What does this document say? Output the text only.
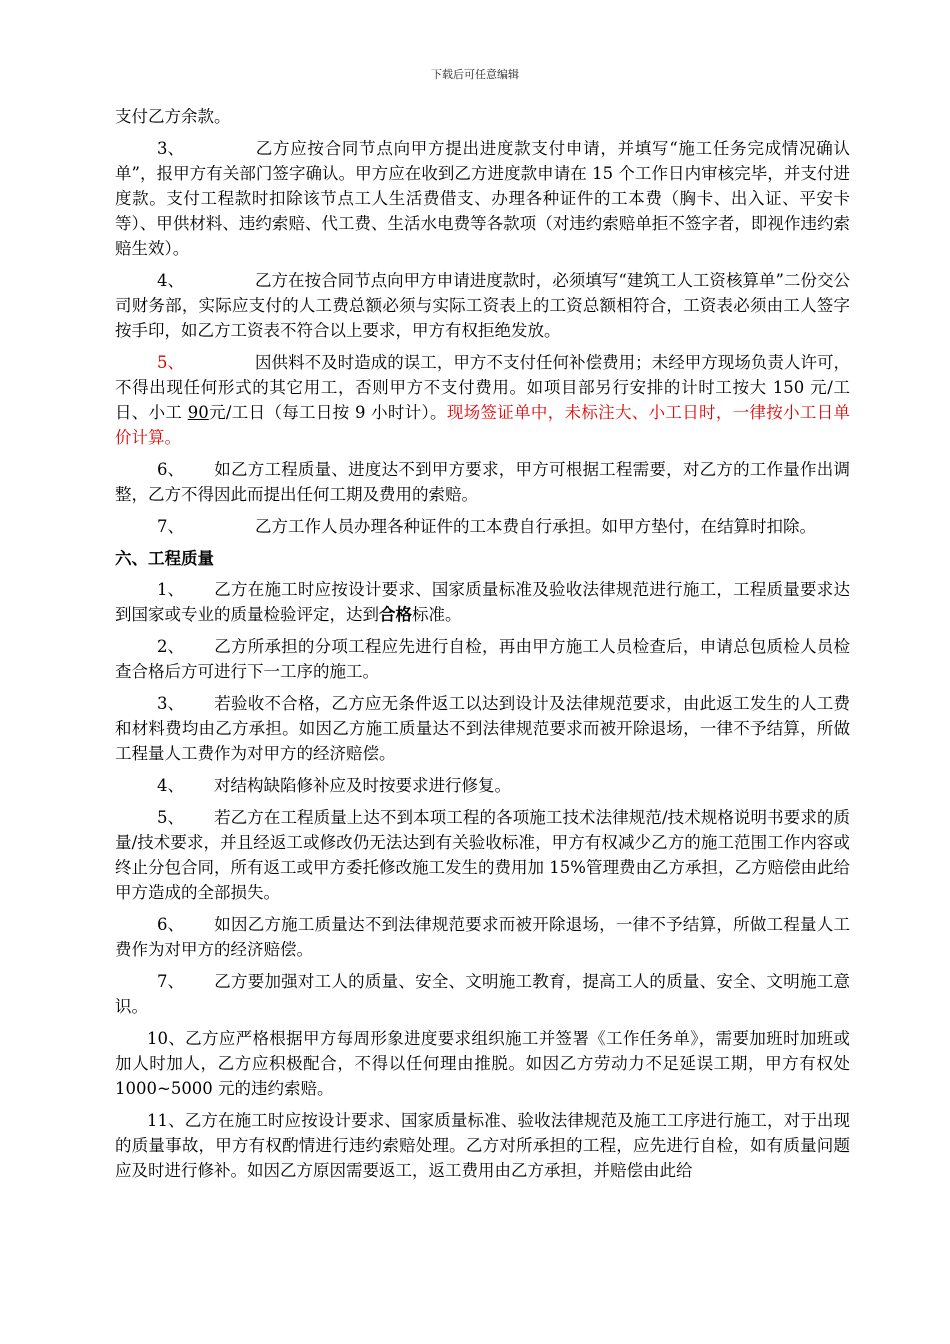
下载后可任意编辑

支付乙方余款。

3、	乙方应按合同节点向甲方提出进度款支付申请，并填写“施工任务完成情况确认单”，报甲方有关部门签字确认。甲方应在收到乙方进度款申请在 15 个工作日内审核完毕，并支付进度款。支付工程款时扣除该节点工人生活费借支、办理各种证件的工本费（胸卡、出入证、平安卡等）、甲供材料、违约索赔、代工费、生活水电费等各款项（对违约索赔单拒不签字者，即视作违约索赔生效）。

4、	乙方在按合同节点向甲方申请进度款时，必须填写“建筑工人工资核算单”二份交公司财务部，实际应支付的人工费总额必须与实际工资表上的工资总额相符合，工资表必须由工人签字按手印，如乙方工资表不符合以上要求，甲方有权拒绝发放。

5、	因供料不及时造成的误工，甲方不支付任何补偿费用；未经甲方现场负责人许可，不得出现任何形式的其它用工，否则甲方不支付费用。如项目部另行安排的计时工按大 150 元/工日、小工 90元/工日（每工日按 9 小时计）。现场签证单中，未标注大、小工日时，一律按小工日单价计算。

6、 如乙方工程质量、进度达不到甲方要求，甲方可根据工程需要，对乙方的工作量作出调整，乙方不得因此而提出任何工期及费用的索赔。

7、	乙方工作人员办理各种证件的工本费自行承担。如甲方垫付，在结算时扣除。

六、工程质量

1、 乙方在施工时应按设计要求、国家质量标准及验收法律规范进行施工，工程质量要求达到国家或专业的质量检验评定，达到合格标准。

2、 乙方所承担的分项工程应先进行自检，再由甲方施工人员检查后，申请总包质检人员检查合格后方可进行下一工序的施工。

3、 若验收不合格，乙方应无条件返工以达到设计及法律规范要求，由此返工发生的人工费和材料费均由乙方承担。如因乙方施工质量达不到法律规范要求而被开除退场，一律不予结算，所做工程量人工费作为对甲方的经济赔偿。

4、 对结构缺陷修补应及时按要求进行修复。

5、 若乙方在工程质量上达不到本项工程的各项施工技术法律规范/技术规格说明书要求的质量/技术要求，并且经返工或修改仍无法达到有关验收标准，甲方有权减少乙方的施工范围工作内容或终止分包合同，所有返工或甲方委托修改施工发生的费用加 15%管理费由乙方承担，乙方赔偿由此给甲方造成的全部损失。

6、 如因乙方施工质量达不到法律规范要求而被开除退场，一律不予结算，所做工程量人工费作为对甲方的经济赔偿。

7、 乙方要加强对工人的质量、安全、文明施工教育，提高工人的质量、安全、文明施工意识。

10、乙方应严格根据甲方每周形象进度要求组织施工并签署《工作任务单》，需要加班时加班或加人时加人，乙方应积极配合，不得以任何理由推脱。如因乙方劳动力不足延误工期，甲方有权处 1000~5000 元的违约索赔。

11、乙方在施工时应按设计要求、国家质量标准、验收法律规范及施工工序进行施工，对于出现的质量事故，甲方有权酌情进行违约索赔处理。乙方对所承担的工程，应先进行自检，如有质量问题应及时进行修补。如因乙方原因需要返工，返工费用由乙方承担，并赔偿由此给
